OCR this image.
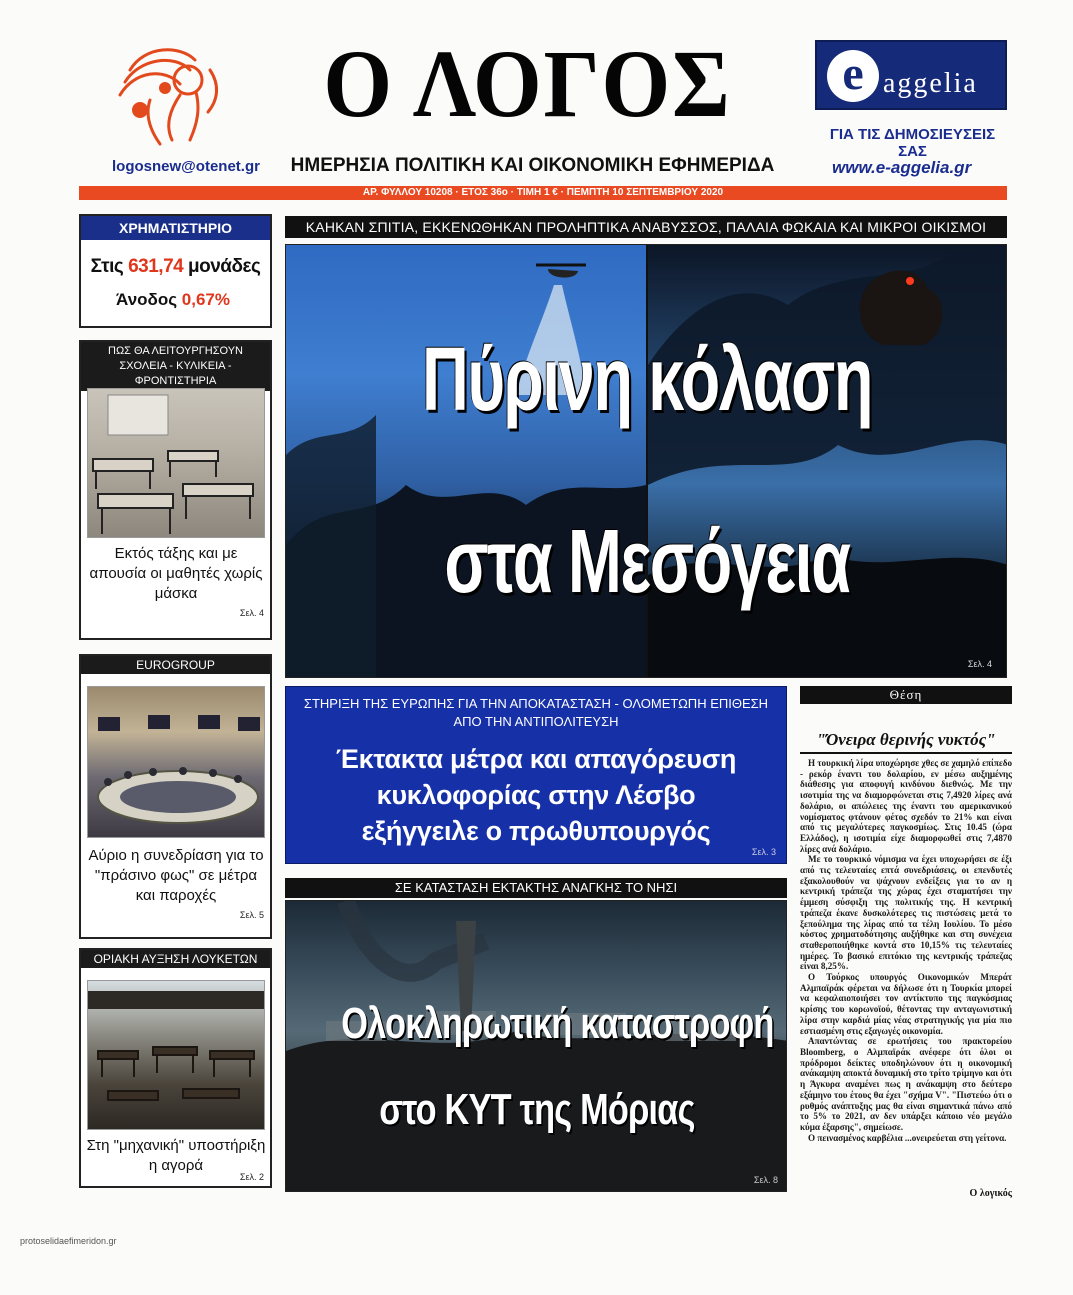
Ο ΛΟΓΟΣ
ΗΜΕΡΗΣΙΑ ΠΟΛΙΤΙΚΗ ΚΑΙ ΟΙΚΟΝΟΜΙΚΗ ΕΦΗΜΕΡΙΔΑ
logosnew@otenet.gr
e aggelia
ΓΙΑ ΤΙΣ ΔΗΜΟΣΙΕΥΣΕΙΣ ΣΑΣ
www.e-aggelia.gr
ΑΡ. ΦΥΛΛΟΥ 10208 · ΕΤΟΣ 36ο · ΤΙΜΗ 1 € · ΠΕΜΠΤΗ 10 ΣΕΠΤΕΜΒΡΙΟΥ 2020
ΧΡΗΜΑΤΙΣΤΗΡΙΟ
Στις 631,74 μονάδες
Άνοδος 0,67%
ΠΩΣ ΘΑ ΛΕΙΤΟΥΡΓΗΣΟΥΝ
ΣΧΟΛΕΙΑ - ΚΥΛΙΚΕΙΑ - ΦΡΟΝΤΙΣΤΗΡΙΑ
Εκτός τάξης και με απουσία οι μαθητές χωρίς μάσκα
Σελ. 4
EUROGROUP
Αύριο η συνεδρίαση για το "πράσινο φως" σε μέτρα και παροχές
Σελ. 5
ΟΡΙΑΚΗ ΑΥΞΗΣΗ ΛΟΥΚΕΤΩΝ
Στη "μηχανική" υποστήριξη η αγορά
Σελ. 2
ΚΑΗΚΑΝ ΣΠΙΤΙΑ, ΕΚΚΕΝΩΘΗΚΑΝ ΠΡΟΛΗΠΤΙΚΑ ΑΝΑΒΥΣΣΟΣ, ΠΑΛΑΙΑ ΦΩΚΑΙΑ ΚΑΙ ΜΙΚΡΟΙ ΟΙΚΙΣΜΟΙ
Πύρινη κόλαση
στα Μεσόγεια
Σελ. 4
ΣΤΗΡΙΞΗ ΤΗΣ ΕΥΡΩΠΗΣ ΓΙΑ ΤΗΝ ΑΠΟΚΑΤΑΣΤΑΣΗ - ΟΛΟΜΕΤΩΠΗ ΕΠΙΘΕΣΗ
ΑΠΟ ΤΗΝ ΑΝΤΙΠΟΛΙΤΕΥΣΗ
Έκτακτα μέτρα και απαγόρευση
κυκλοφορίας στην Λέσβο
εξήγγειλε ο πρωθυπουργός
Σελ. 3
ΣΕ ΚΑΤΑΣΤΑΣΗ ΕΚΤΑΚΤΗΣ ΑΝΑΓΚΗΣ ΤΟ ΝΗΣΙ
Ολοκληρωτική καταστροφή
στο ΚΥΤ της Μόριας
Σελ. 8
Θέση
"Όνειρα θερινής νυκτός"

Η τουρκική λίρα υποχώρησε χθες σε χαμηλό επίπεδο - ρεκόρ έναντι του δολαρίου, εν μέσω αυξημένης διάθεσης για αποφυγή κινδύνου διεθνώς. Με την ισοτιμία της να διαμορφώνεται στις 7,4920 λίρες ανά δολάριο, οι απώλειες της έναντι του αμερικανικού νομίσματος φτάνουν φέτος σχεδόν το 21% και είναι από τις μεγαλύτερες παγκοσμίως. Στις 10.45 (ώρα Ελλάδος), η ισοτιμία είχε διαμορφωθεί στις 7,4870 λίρες ανά δολάριο.

Με το τουρκικό νόμισμα να έχει υποχωρήσει σε έξι από τις τελευταίες επτά συνεδριάσεις, οι επενδυτές εξακολουθούν να ψάχνουν ενδείξεις για το αν η κεντρική τράπεζα της χώρας έχει σταματήσει την έμμεση σύσφιξη της πολιτικής της. Η κεντρική τράπεζα έκανε δυσκολότερες τις πιστώσεις μετά το ξεπούλημα της λίρας από τα τέλη Ιουλίου. Το μέσο κόστος χρηματοδότησης αυξήθηκε και στη συνέχεια σταθεροποιήθηκε κοντά στο 10,15% τις τελευταίες ημέρες. Το βασικό επιτόκιο της κεντρικής τράπεζας είναι 8,25%.

Ο Τούρκος υπουργός Οικονομικών Μπεράτ Αλμπαϊράκ φέρεται να δήλωσε ότι η Τουρκία μπορεί να κεφαλαιοποιήσει τον αντίκτυπο της παγκόσμιας κρίσης του κορωνοϊού, θέτοντας την ανταγωνιστική λίρα στην καρδιά μίας νέας στρατηγικής για μία πιο εστιασμένη στις εξαγωγές οικονομία.

Απαντώντας σε ερωτήσεις του πρακτορείου Bloomberg, ο Αλμπαϊράκ ανέφερε ότι όλοι οι πρόδρομοι δείκτες υποδηλώνουν ότι η οικονομική ανάκαμψη αποκτά δυναμική στο τρίτο τρίμηνο και ότι η Άγκυρα αναμένει πως η ανάκαμψη στο δεύτερο εξάμηνο του έτους θα έχει "σχήμα V". "Πιστεύω ότι ο ρυθμός ανάπτυξης μας θα είναι σημαντικά πάνω από το 5% το 2021, αν δεν υπάρξει κάποιο νέο μεγάλο κύμα έξαρσης", σημείωσε.

Ο πεινασμένος καρβέλια ...ονειρεύεται στη γείτονα.

Ο λογικός
protoselidaefimeridon.gr
